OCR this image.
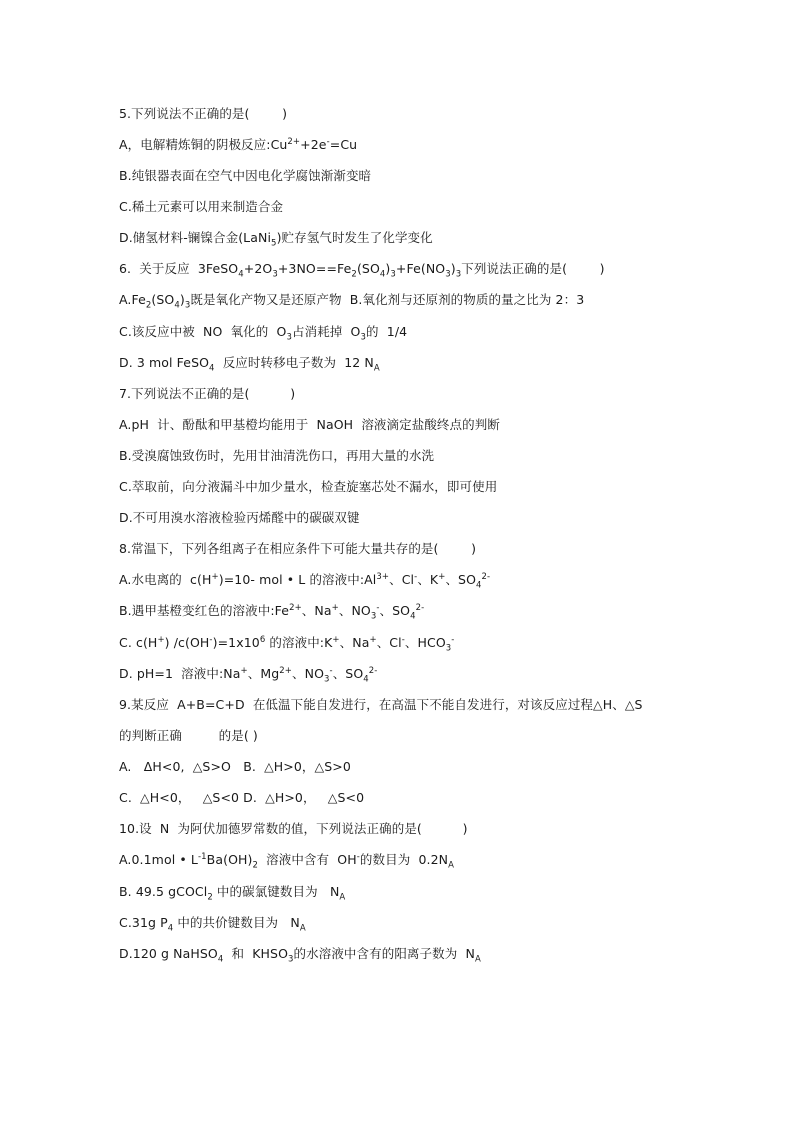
5.下列说法不正确的是(        )
A，电解精炼铜的阴极反应$:Cu^{2+}+2e^-=Cu$
B.纯银器表面在空气中因电化学腐蚀渐渐变暗
C.稀土元素可以用来制造合金
D.储氢材料-镧镍合金(LaNi$_5$)贮存氢气时发生了化学变化
6.  关于反应  $3FeSO_4+2O_3+3NO==Fe_2(SO_4)_3+Fe(NO_3)_3$下列说法正确的是(        )
$A.Fe_2(SO_4)_3$既是氧化产物又是还原产物  B.氧化剂与还原剂的物质的量之比为 2：3
C.该反应中被  NO  氧化的  $O_3$占消耗掉  $O_3$的  1/4
D. 3 mol FeSO$_4$  反应时转移电子数为  12 $N_A$
7.下列说法不正确的是(          )
A.pH  计、酚酞和甲基橙均能用于  NaOH  溶液滴定盐酸终点的判断
B.受溴腐蚀致伤时，先用甘油清洗伤口，再用大量的水洗
C.萃取前，向分液漏斗中加少量水，检查旋塞芯处不漏水，即可使用
D.不可用溴水溶液检验丙烯醛中的碳碳双键
8.常温下，下列各组离子在相应条件下可能大量共存的是(        )
A.水电离的  c(H+)=10- mol • L 的溶液中$:Al^{3+}$、Cl-、K+、$SO_4^{2-}$
B.遇甲基橙变红色的溶液中$:Fe^{2+}$、Na+、$NO_3^-$、$SO_4^{2-}$
C. c(H+) $/c(OH^-)=1x10^6$ 的溶液中:K+、Na+、Cl-、$HCO_3^-$
D. pH=1  溶液中:Na+、$Mg^{2+}$、$NO_3^-$、$SO_4^{2-}$
9.某反应  A+B=C+D  在低温下能自发进行，在高温下不能自发进行，对该反应过程△H、△S
的判断正确         的是( )
A.   ΔH<0,  △S>O   B.  △H>0，△S>0
C.  △H<0，   △S<0 D.  △H>0，   △S<0
10.设  N  为阿伏加德罗常数的值，下列说法正确的是(          )
A.0.1mol • $L^{-1}Ba(OH)_2$  溶液中含有  OH-的数目为  $0.2N_A$
B. 49.5 gCOCl$_2$ 中的碳氯键数目为   $N_A$
C.31g $P_4$ 中的共价键数目为   $N_A$
D.120 g NaHSO$_4$  和  $KHSO_3$的水溶液中含有的阳离子数为  $N_A$
